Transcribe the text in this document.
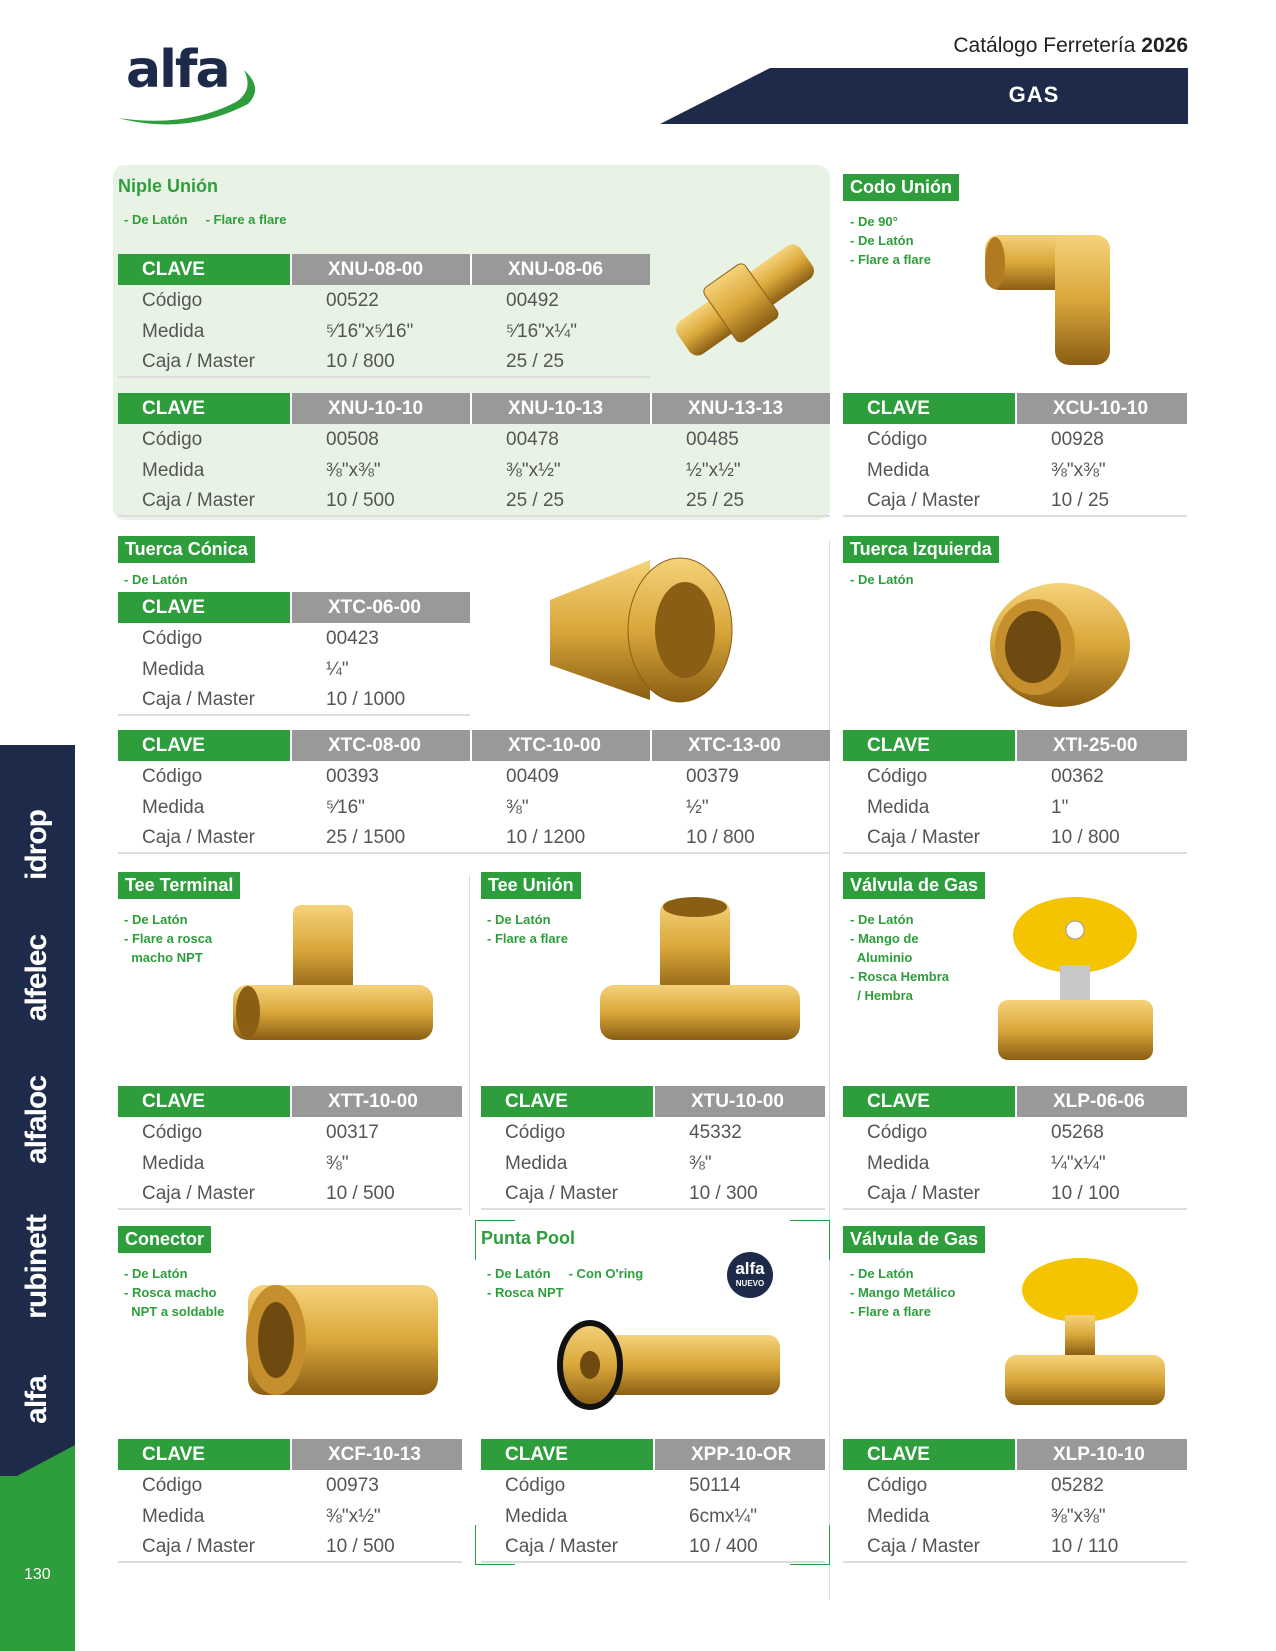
alfa	Catálogo Ferretería 2026
GAS
idrop
alfelec
alfaloc
rubinett
alfa
130
alfa
NUEVO
Niple Unión
- De Latón - Flare a flare
CLAVE	XNU-08-00	XNU-08-06
Código	00522	00492
Medida	⁵⁄16"x⁵⁄16"	⁵⁄16"x¼"
Caja / Master	10 / 800	25 / 25
CLAVE	XNU-10-10	XNU-10-13	XNU-13-13
Código	00508	00478	00485
Medida	⅜"x⅜"	⅜"x½"	½"x½"
Caja / Master	10 / 500	25 / 25	25 / 25
Codo Unión
- De 90°
- De Latón
- Flare a flare
CLAVE	XCU-10-10
Código	00928
Medida	⅜"x⅜"
Caja / Master	10 / 25
Tuerca Cónica
- De Latón
CLAVE	XTC-06-00
Código	00423
Medida	¼"
Caja / Master	10 / 1000
CLAVE	XTC-08-00	XTC-10-00	XTC-13-00
Código	00393	00409	00379
Medida	⁵⁄16"	⅜"	½"
Caja / Master	25 / 1500	10 / 1200	10 / 800
Tuerca Izquierda
- De Latón
CLAVE	XTI-25-00
Código	00362
Medida	1"
Caja / Master	10 / 800
Tee Terminal
- De Latón
- Flare a rosca
macho NPT
CLAVE	XTT-10-00
Código	00317
Medida	⅜"
Caja / Master	10 / 500
Tee Unión
- De Latón
- Flare a flare
CLAVE	XTU-10-00
Código	45332
Medida	⅜"
Caja / Master	10 / 300
Válvula de Gas
- De Latón
- Mango de
Aluminio
- Rosca Hembra
/ Hembra
CLAVE	XLP-06-06
Código	05268
Medida	¼"x¼"
Caja / Master	10 / 100
Conector
- De Latón
- Rosca macho
NPT a soldable
CLAVE	XCF-10-13
Código	00973
Medida	⅜"x½"
Caja / Master	10 / 500
Punta Pool
- De Latón     - Con O'ring
- Rosca NPT
CLAVE	XPP-10-OR
Código	50114
Medida	6cmx¼"
Caja / Master	10 / 400
Válvula de Gas
- De Latón
- Mango Metálico
- Flare a flare
CLAVE	XLP-10-10
Código	05282
Medida	⅜"x⅜"
Caja / Master	10 / 110
